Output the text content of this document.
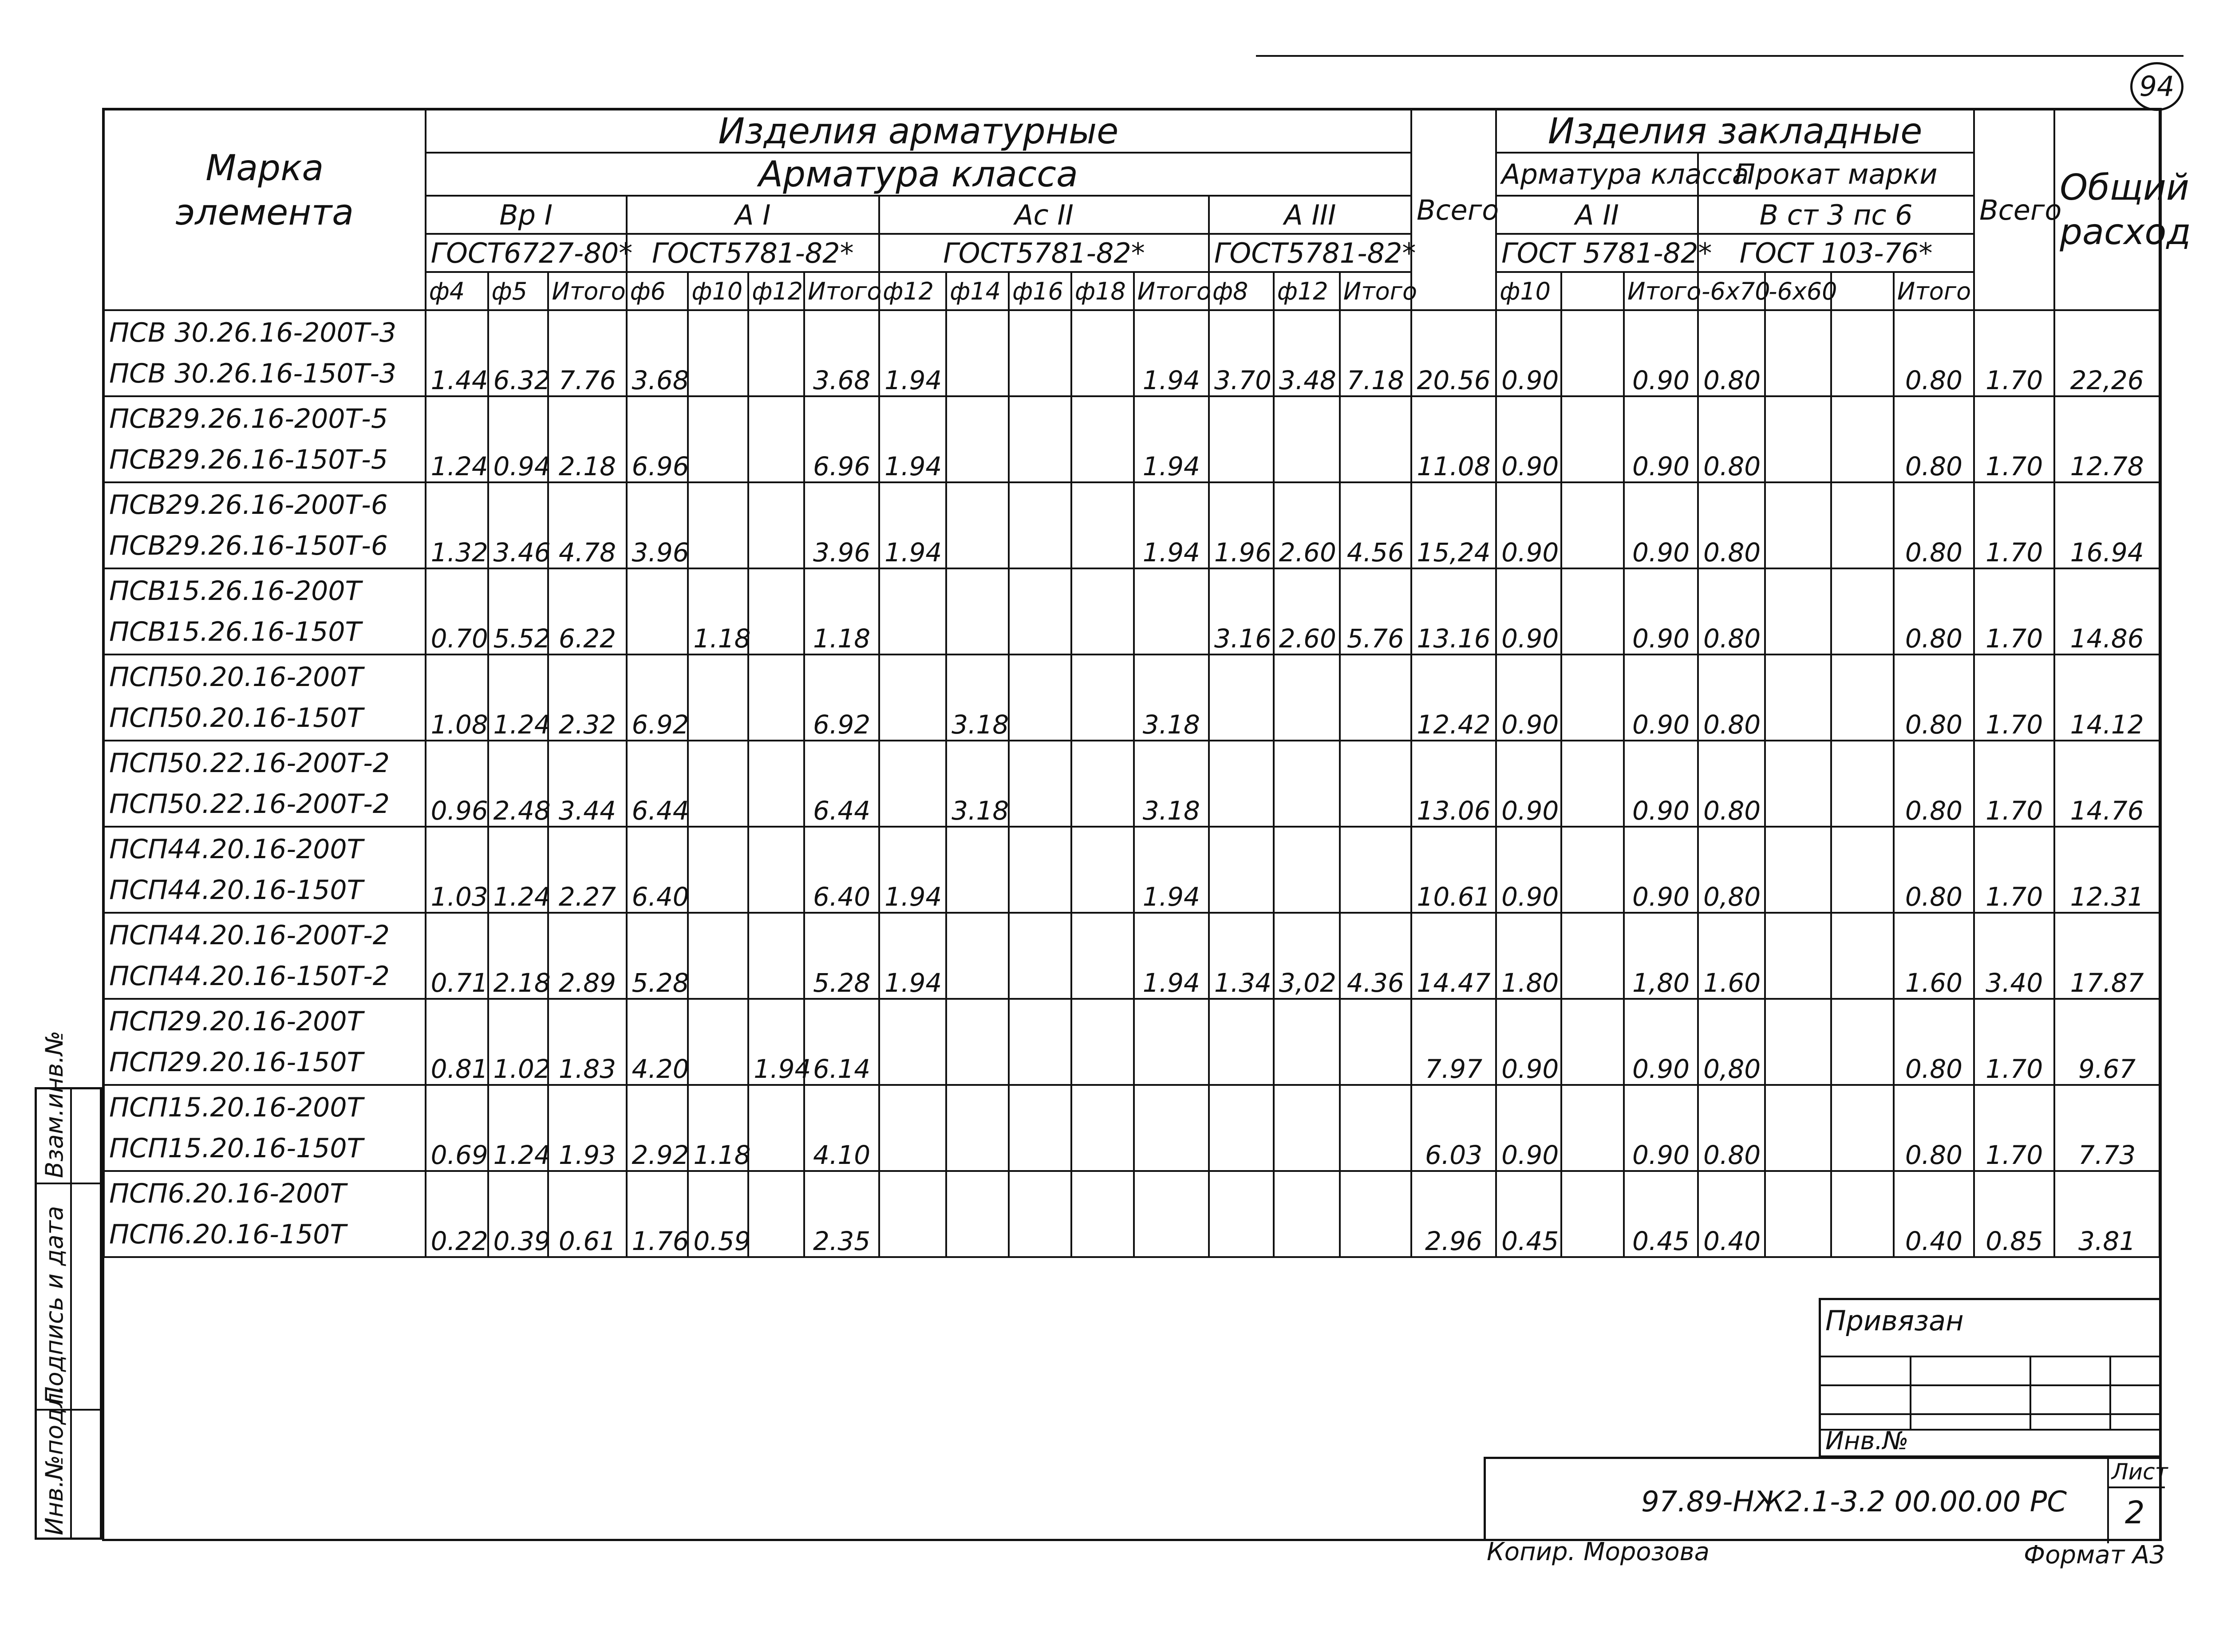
94
Марка
элемента	Изделия арматурные															Всего	Изделия закладные							Всего	Общий расход
	Арматура класса																Арматура класса			Прокат марки					
	Вр I			А I				Ас II					А III				А II			В ст 3 пс 6					
	ГОСТ6727-80*			ГОСТ5781-82*				ГОСТ5781-82*					ГОСТ5781-82*				ГОСТ 5781-82*			ГОСТ 103-76*					
	ф4	ф5	Итого	ф6	ф10	ф12	Итого	ф12	ф14	ф16	ф18	Итого	ф8	ф12	Итого		ф10		Итого	-6х70	-6х60		Итого		

ПСВ 30.26.16-200Т-3
ПСВ 30.26.16-150Т-3	1.44	6.32	7.76	3.68			3.68	1.94				1.94	3.70	3.48	7.18	20.56	0.90		0.90	0.80			0.80	1.70	22,26

ПСВ29.26.16-200Т-5
ПСВ29.26.16-150Т-5	1.24	0.94	2.18	6.96			6.96	1.94				1.94				11.08	0.90		0.90	0.80			0.80	1.70	12.78

ПСВ29.26.16-200Т-6
ПСВ29.26.16-150Т-6	1.32	3.46	4.78	3.96			3.96	1.94				1.94	1.96	2.60	4.56	15,24	0.90		0.90	0.80			0.80	1.70	16.94

ПСВ15.26.16-200Т
ПСВ15.26.16-150Т	0.70	5.52	6.22		1.18		1.18						3.16	2.60	5.76	13.16	0.90		0.90	0.80			0.80	1.70	14.86

ПСП50.20.16-200Т
ПСП50.20.16-150Т	1.08	1.24	2.32	6.92			6.92		3.18			3.18				12.42	0.90		0.90	0.80			0.80	1.70	14.12

ПСП50.22.16-200Т-2
ПСП50.22.16-200Т-2	0.96	2.48	3.44	6.44			6.44		3.18			3.18				13.06	0.90		0.90	0.80			0.80	1.70	14.76

ПСП44.20.16-200Т
ПСП44.20.16-150Т	1.03	1.24	2.27	6.40			6.40	1.94				1.94				10.61	0.90		0.90	0,80			0.80	1.70	12.31

ПСП44.20.16-200Т-2
ПСП44.20.16-150Т-2	0.71	2.18	2.89	5.28			5.28	1.94				1.94	1.34	3,02	4.36	14.47	1.80		1,80	1.60			1.60	3.40	17.87

ПСП29.20.16-200Т
ПСП29.20.16-150Т	0.81	1.02	1.83	4.20		1.94	6.14									7.97	0.90		0.90	0,80			0.80	1.70	9.67

ПСП15.20.16-200Т
ПСП15.20.16-150Т	0.69	1.24	1.93	2.92	1.18		4.10									6.03	0.90		0.90	0.80			0.80	1.70	7.73

ПСП6.20.16-200Т
ПСП6.20.16-150Т	0.22	0.39	0.61	1.76	0.59		2.35									2.96	0.45		0.45	0.40			0.40	0.85	3.81
Взам.инв.№
Подпись и дата
Инв.№подл.
Привязан
Инв.№
97.89-НЖ2.1-3.2 00.00.00 РС
Лист
2
Копир. Морозова	Формат А3
